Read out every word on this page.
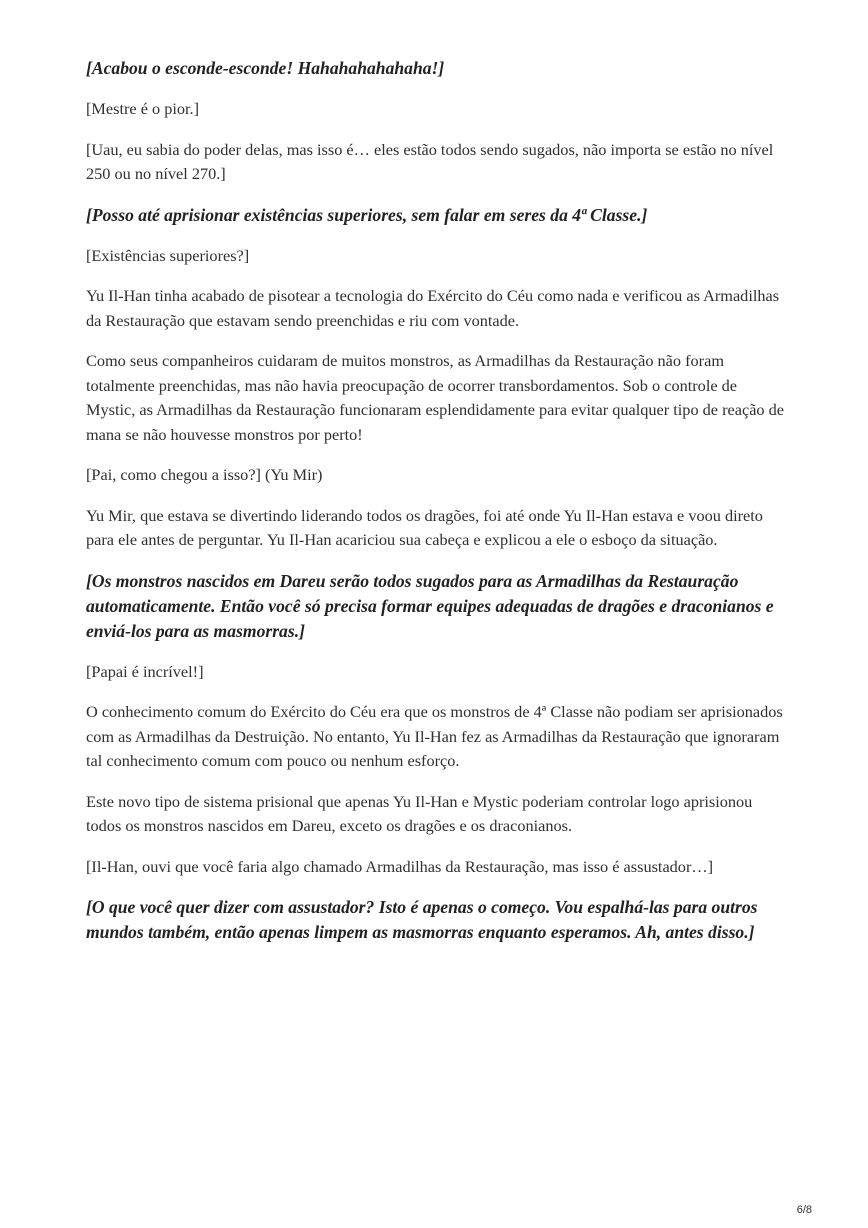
[Acabou o esconde-esconde! Hahahahahahaha!]

[Mestre é o pior.]

[Uau, eu sabia do poder delas, mas isso é… eles estão todos sendo sugados, não importa se estão no nível 250 ou no nível 270.]

[Posso até aprisionar existências superiores, sem falar em seres da 4ª Classe.]

[Existências superiores?]

Yu Il-Han tinha acabado de pisotear a tecnologia do Exército do Céu como nada e verificou as Armadilhas da Restauração que estavam sendo preenchidas e riu com vontade.

Como seus companheiros cuidaram de muitos monstros, as Armadilhas da Restauração não foram totalmente preenchidas, mas não havia preocupação de ocorrer transbordamentos. Sob o controle de Mystic, as Armadilhas da Restauração funcionaram esplendidamente para evitar qualquer tipo de reação de mana se não houvesse monstros por perto!

[Pai, como chegou a isso?] (Yu Mir)

Yu Mir, que estava se divertindo liderando todos os dragões, foi até onde Yu Il-Han estava e voou direto para ele antes de perguntar. Yu Il-Han acariciou sua cabeça e explicou a ele o esboço da situação.

[Os monstros nascidos em Dareu serão todos sugados para as Armadilhas da Restauração automaticamente. Então você só precisa formar equipes adequadas de dragões e draconianos e enviá-los para as masmorras.]

[Papai é incrível!]

O conhecimento comum do Exército do Céu era que os monstros de 4ª Classe não podiam ser aprisionados com as Armadilhas da Destruição. No entanto, Yu Il-Han fez as Armadilhas da Restauração que ignoraram tal conhecimento comum com pouco ou nenhum esforço.

Este novo tipo de sistema prisional que apenas Yu Il-Han e Mystic poderiam controlar logo aprisionou todos os monstros nascidos em Dareu, exceto os dragões e os draconianos.

[Il-Han, ouvi que você faria algo chamado Armadilhas da Restauração, mas isso é assustador…]

[O que você quer dizer com assustador? Isto é apenas o começo. Vou espalhá-las para outros mundos também, então apenas limpem as masmorras enquanto esperamos. Ah, antes disso.]

6/8
